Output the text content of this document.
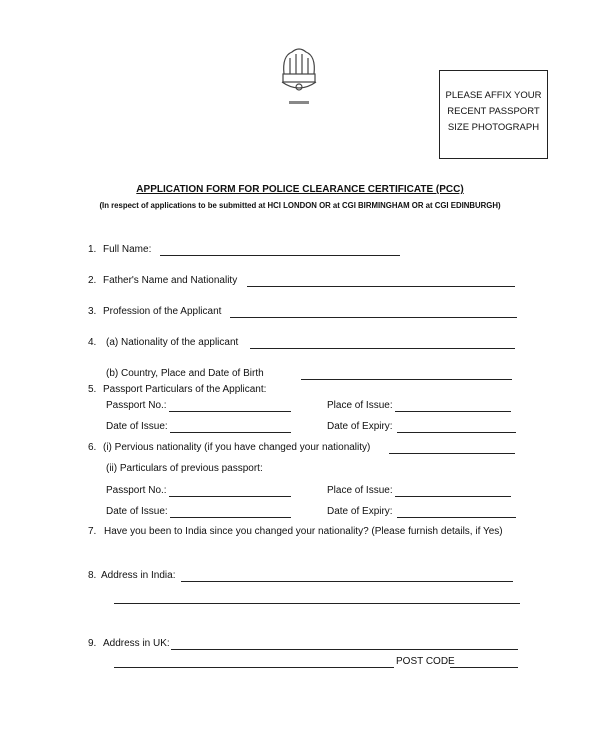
PLEASE AFFIX YOUR
RECENT PASSPORT
SIZE PHOTOGRAPH
APPLICATION FORM FOR POLICE CLEARANCE CERTIFICATE (PCC)
(In respect of applications to be submitted at HCI LONDON OR at CGI BIRMINGHAM OR at CGI EDINBURGH)
1. Full Name:
2. Father's Name and Nationality
3. Profession of the Applicant
4. (a) Nationality of the applicant
(b) Country, Place and Date of Birth
5. Passport Particulars of the Applicant:
Passport No.:	Place of Issue:
Date of Issue:	Date of Expiry:
6. (i) Pervious nationality (if you have changed your nationality)
(ii) Particulars of previous passport:
Passport No.:	Place of Issue:
Date of Issue:	Date of Expiry:
7. Have you been to India since you changed your nationality? (Please furnish details, if Yes)
8. Address in India:
9. Address in UK:
POST CODE
